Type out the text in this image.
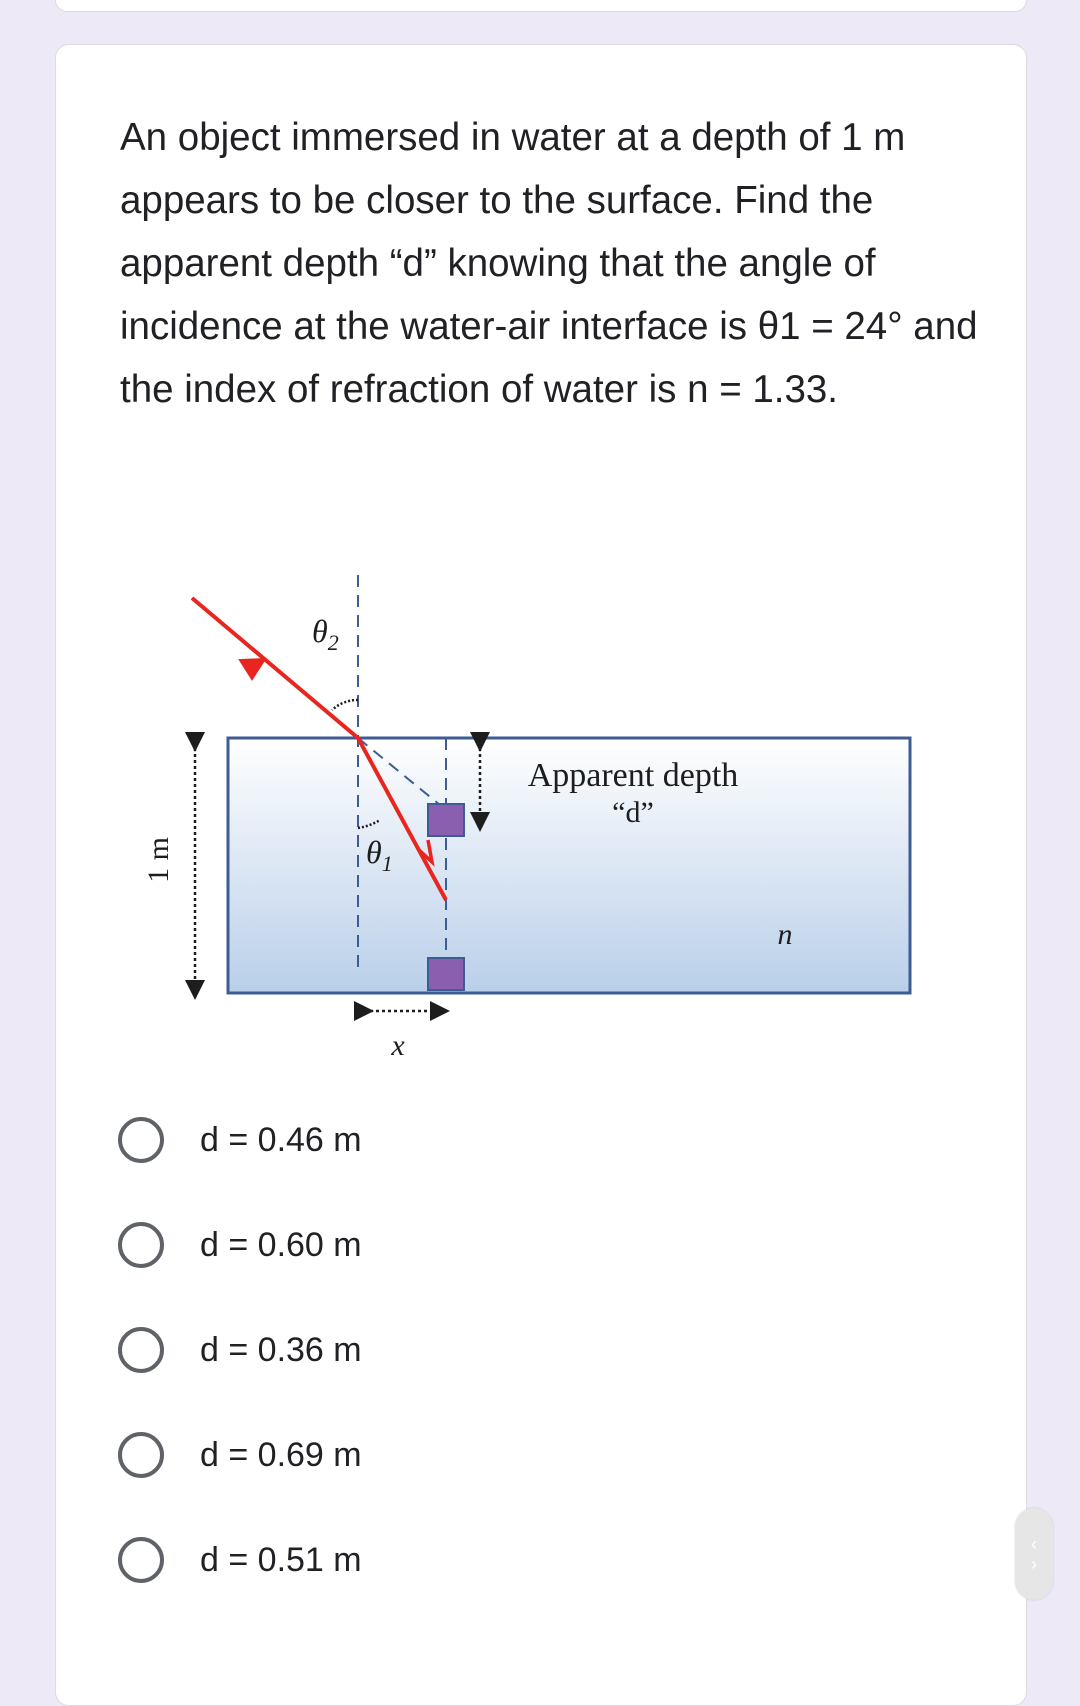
An object immersed in water at a depth of 1 m appears to be closer to the surface. Find the apparent depth “d” knowing that the angle of incidence at the water-air interface is θ1 = 24° and the index of refraction of water is n = 1.33.
1 m
Apparent depth
“d”
$\theta_2$
$\theta_1$
x
n
d = 0.46 m
d = 0.60 m
d = 0.36 m
d = 0.69 m
d = 0.51 m	‹
›
